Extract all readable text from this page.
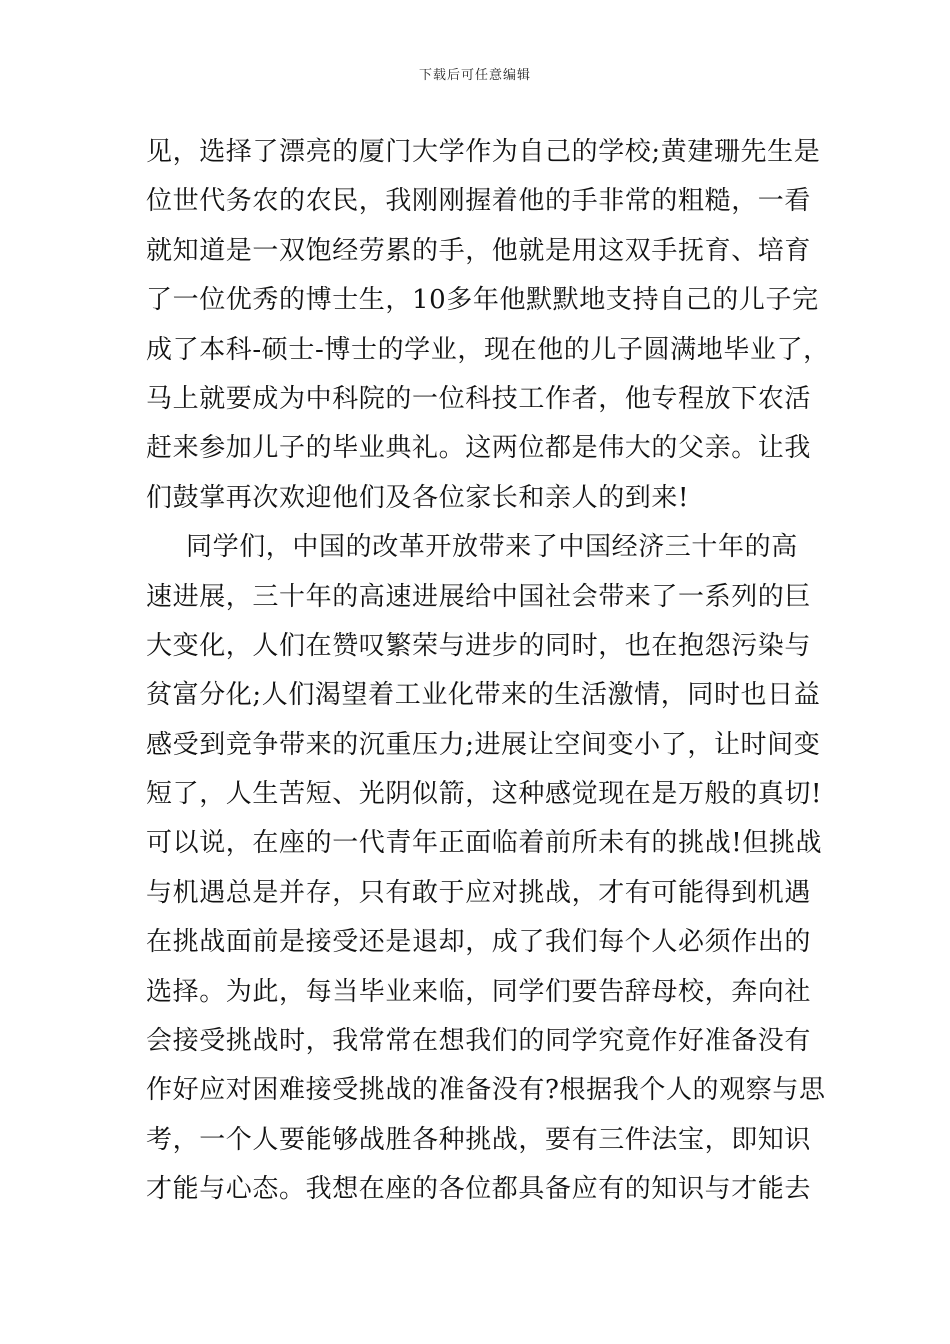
下载后可任意编辑
见，选择了漂亮的厦门大学作为自己的学校;黄建珊先生是
位世代务农的农民，我刚刚握着他的手非常的粗糙，一看
就知道是一双饱经劳累的手，他就是用这双手抚育、培育
了一位优秀的博士生，10多年他默默地支持自己的儿子完
成了本科-硕士-博士的学业，现在他的儿子圆满地毕业了，
马上就要成为中科院的一位科技工作者，他专程放下农活
赶来参加儿子的毕业典礼。这两位都是伟大的父亲。让我
们鼓掌再次欢迎他们及各位家长和亲人的到来!
同学们，中国的改革开放带来了中国经济三十年的高
速进展，三十年的高速进展给中国社会带来了一系列的巨
大变化，人们在赞叹繁荣与进步的同时，也在抱怨污染与
贫富分化;人们渴望着工业化带来的生活激情，同时也日益
感受到竞争带来的沉重压力;进展让空间变小了，让时间变
短了，人生苦短、光阴似箭，这种感觉现在是万般的真切!
可以说，在座的一代青年正面临着前所未有的挑战!但挑战
与机遇总是并存，只有敢于应对挑战，才有可能得到机遇
在挑战面前是接受还是退却，成了我们每个人必须作出的
选择。为此，每当毕业来临，同学们要告辞母校，奔向社
会接受挑战时，我常常在想我们的同学究竟作好准备没有
作好应对困难接受挑战的准备没有?根据我个人的观察与思
考，一个人要能够战胜各种挑战，要有三件法宝，即知识
才能与心态。我想在座的各位都具备应有的知识与才能去
